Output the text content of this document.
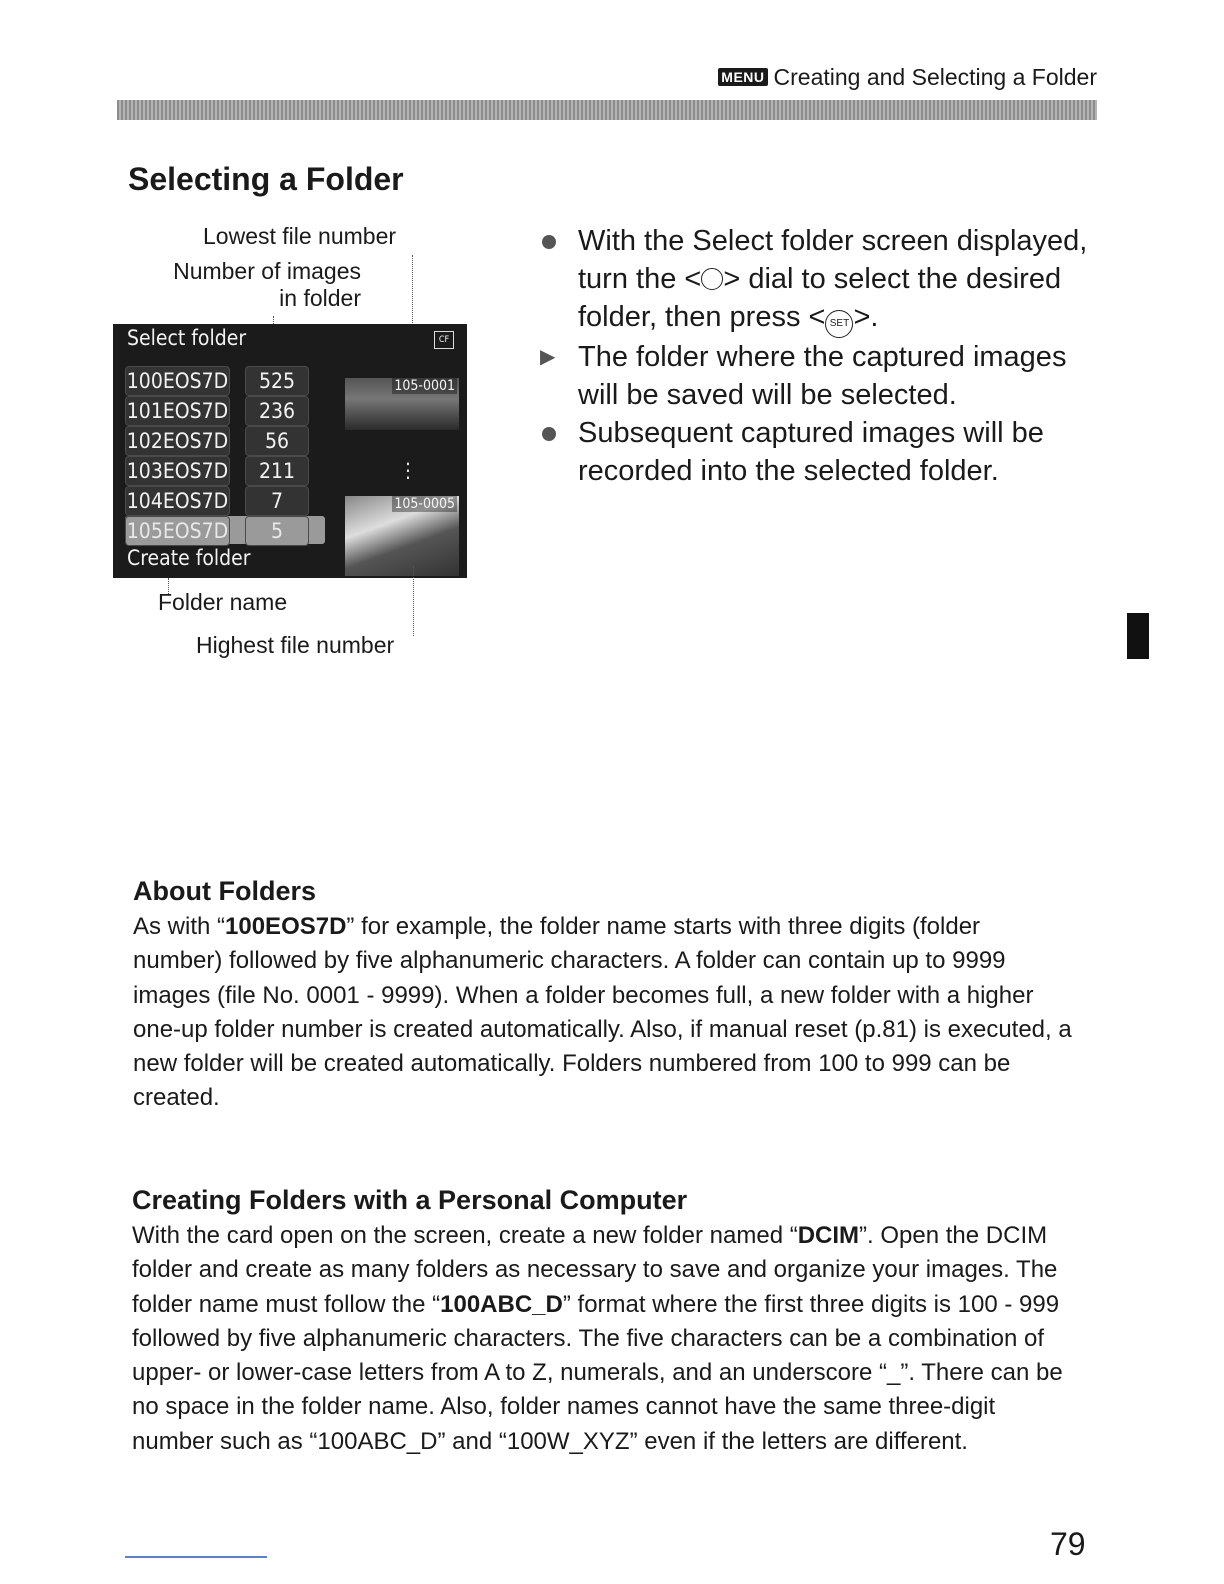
MENU Creating and Selecting a Folder
Selecting a Folder
Lowest file number
Number of images
in folder
Select folder	CF
100EOS7D	525
101EOS7D	236
102EOS7D	56
103EOS7D	211
104EOS7D	7
105EOS7D	5
Create folder
105-0001
⋮
105-0005
Folder name
Highest file number
With the Select folder screen displayed, turn the < > dial to select the desired folder, then press < SET >.
▶ The folder where the captured images will be saved will be selected.
Subsequent captured images will be recorded into the selected folder.
About Folders

As with “100EOS7D” for example, the folder name starts with three digits (folder number) followed by five alphanumeric characters. A folder can contain up to 9999 images (file No. 0001 - 9999). When a folder becomes full, a new folder with a higher one-up folder number is created automatically. Also, if manual reset (p.81) is executed, a new folder will be created automatically. Folders numbered from 100 to 999 can be created.

Creating Folders with a Personal Computer

With the card open on the screen, create a new folder named “DCIM”. Open the DCIM folder and create as many folders as necessary to save and organize your images. The folder name must follow the “100ABC_D” format where the first three digits is 100 - 999 followed by five alphanumeric characters. The five characters can be a combination of upper- or lower-case letters from A to Z, numerals, and an underscore “_”. There can be no space in the folder name. Also, folder names cannot have the same three-digit number such as “100ABC_D” and “100W_XYZ” even if the letters are different.

79
